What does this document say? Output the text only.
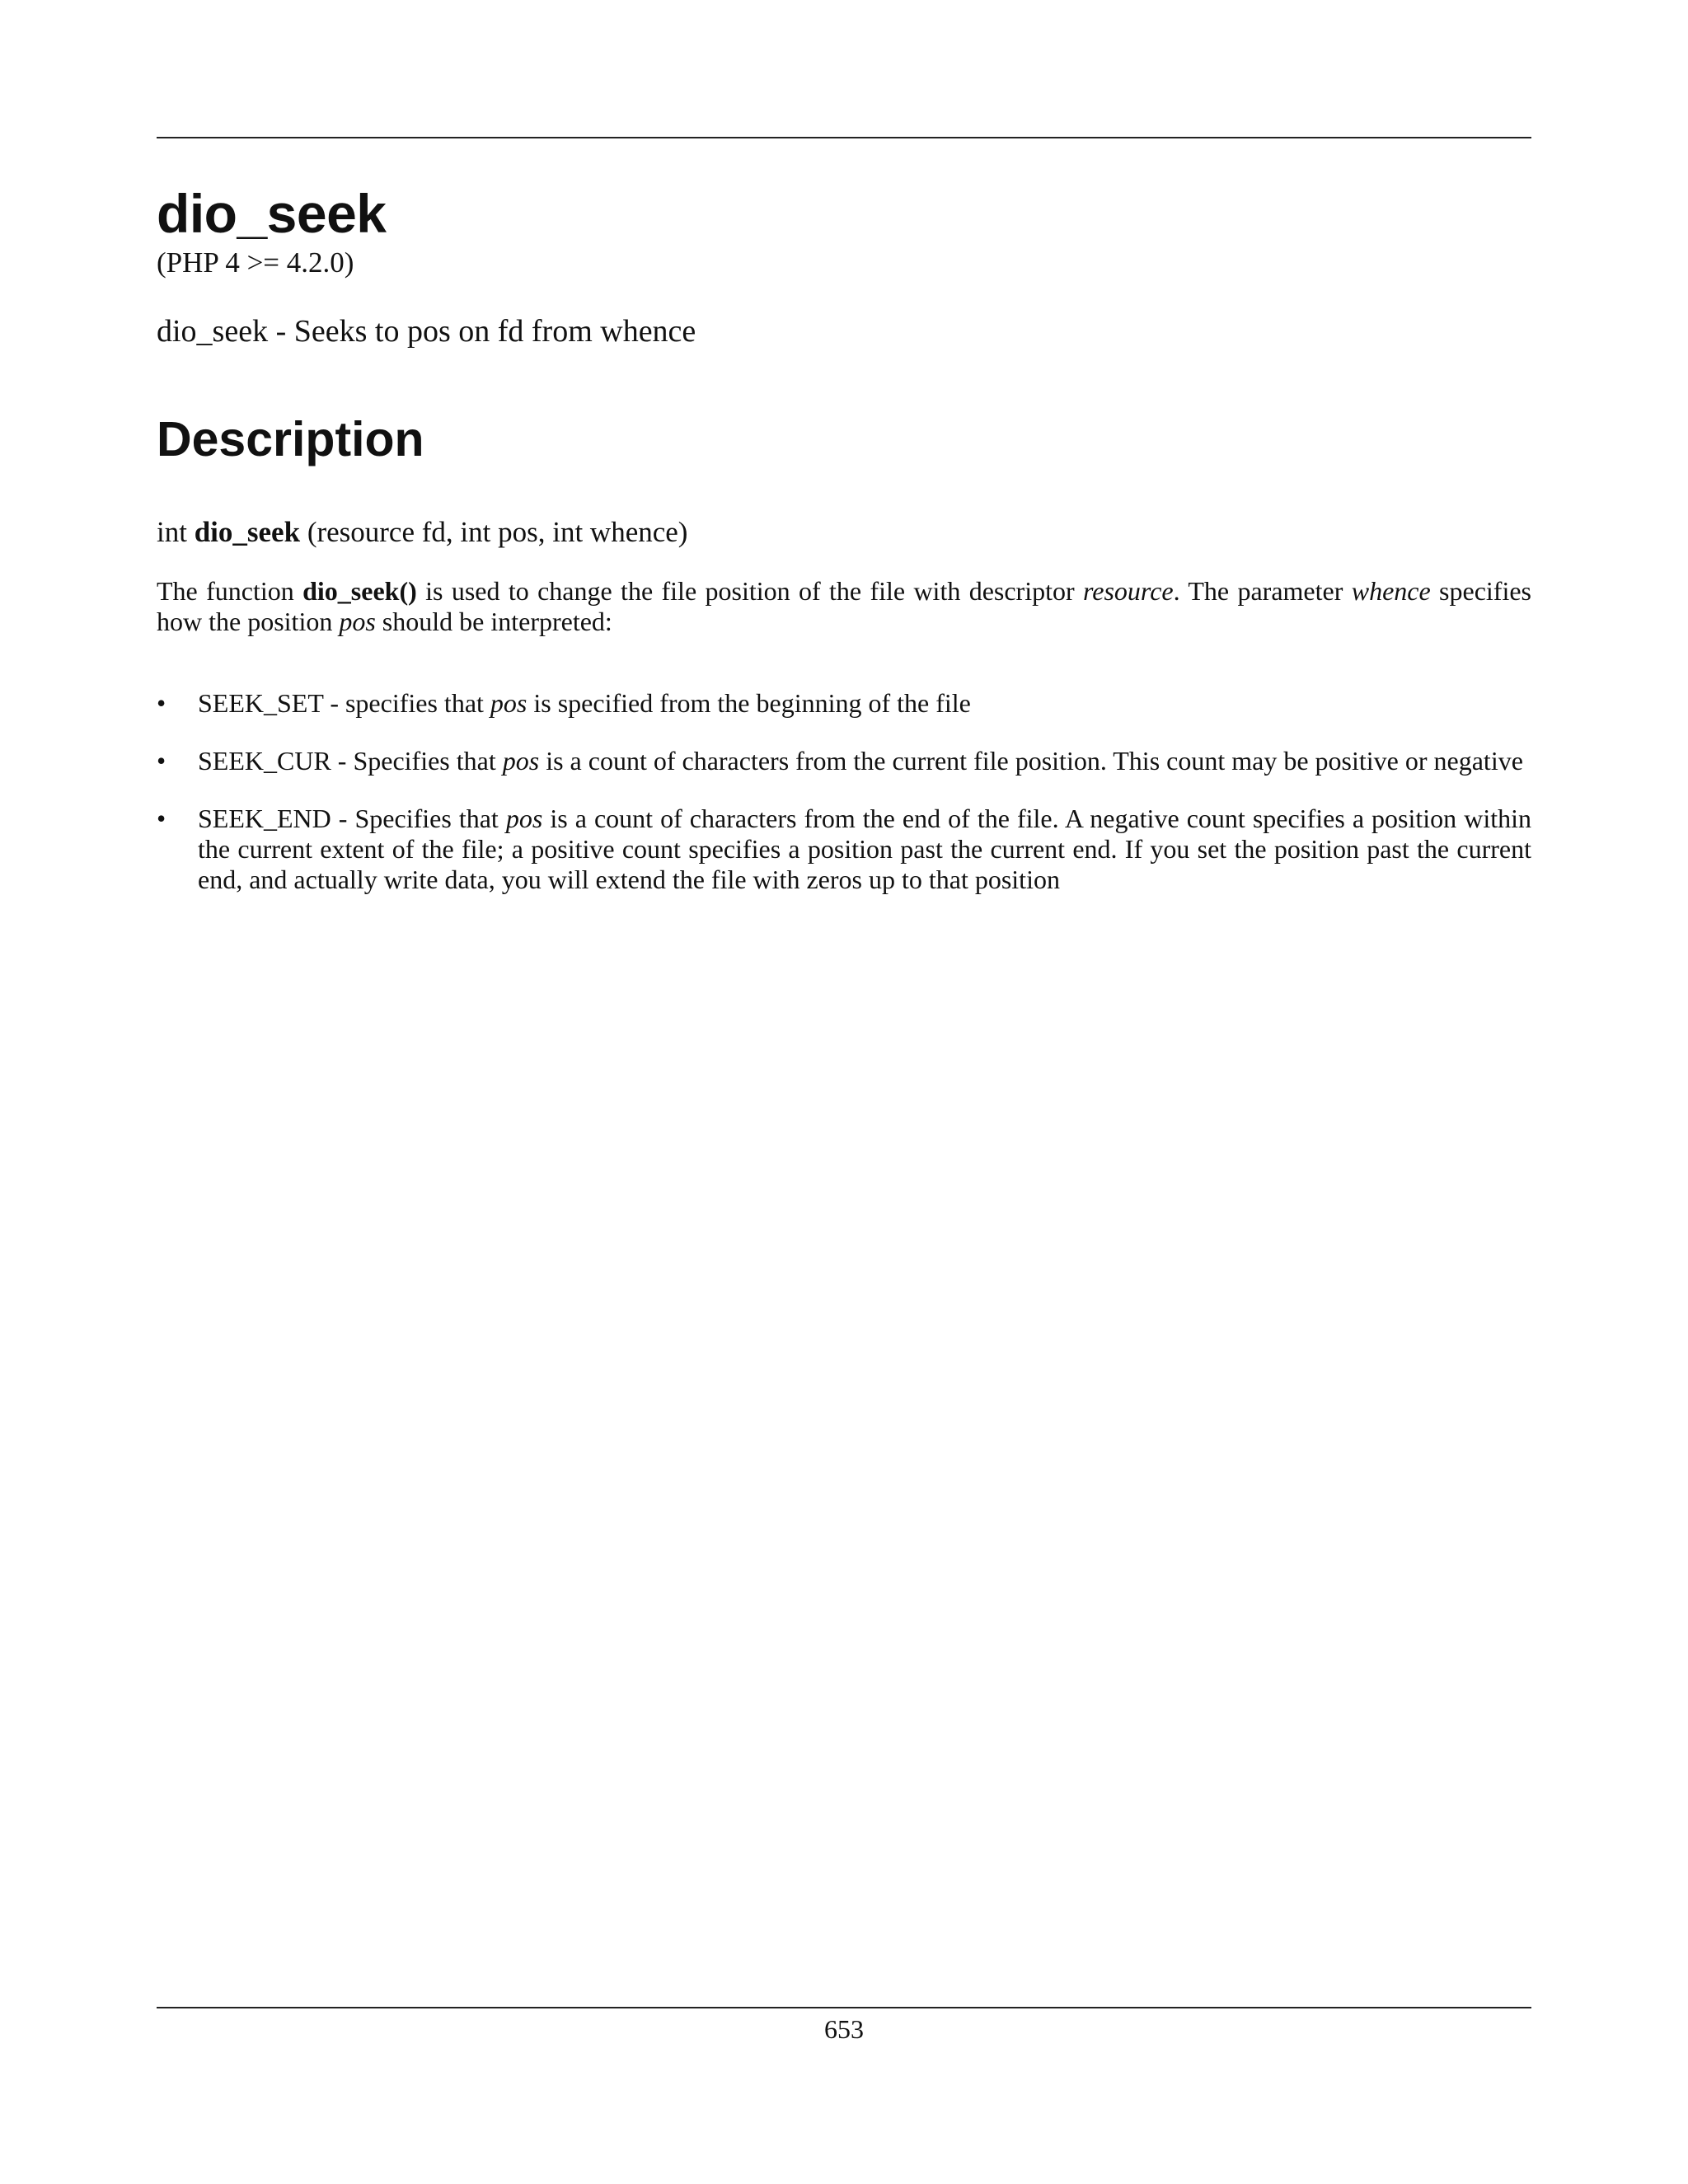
dio_seek
(PHP 4 >= 4.2.0)
dio_seek - Seeks to pos on fd from whence
Description
int dio_seek (resource fd, int pos, int whence)
The function dio_seek() is used to change the file position of the file with descriptor resource. The parameter whence specifies how the position pos should be interpreted:
• SEEK_SET - specifies that pos is specified from the beginning of the file
• SEEK_CUR - Specifies that pos is a count of characters from the current file position. This count may be positive or negative
• SEEK_END - Specifies that pos is a count of characters from the end of the file. A negative count specifies a position within the current extent of the file; a positive count specifies a position past the current end. If you set the position past the current end, and actually write data, you will extend the file with zeros up to that position
653
